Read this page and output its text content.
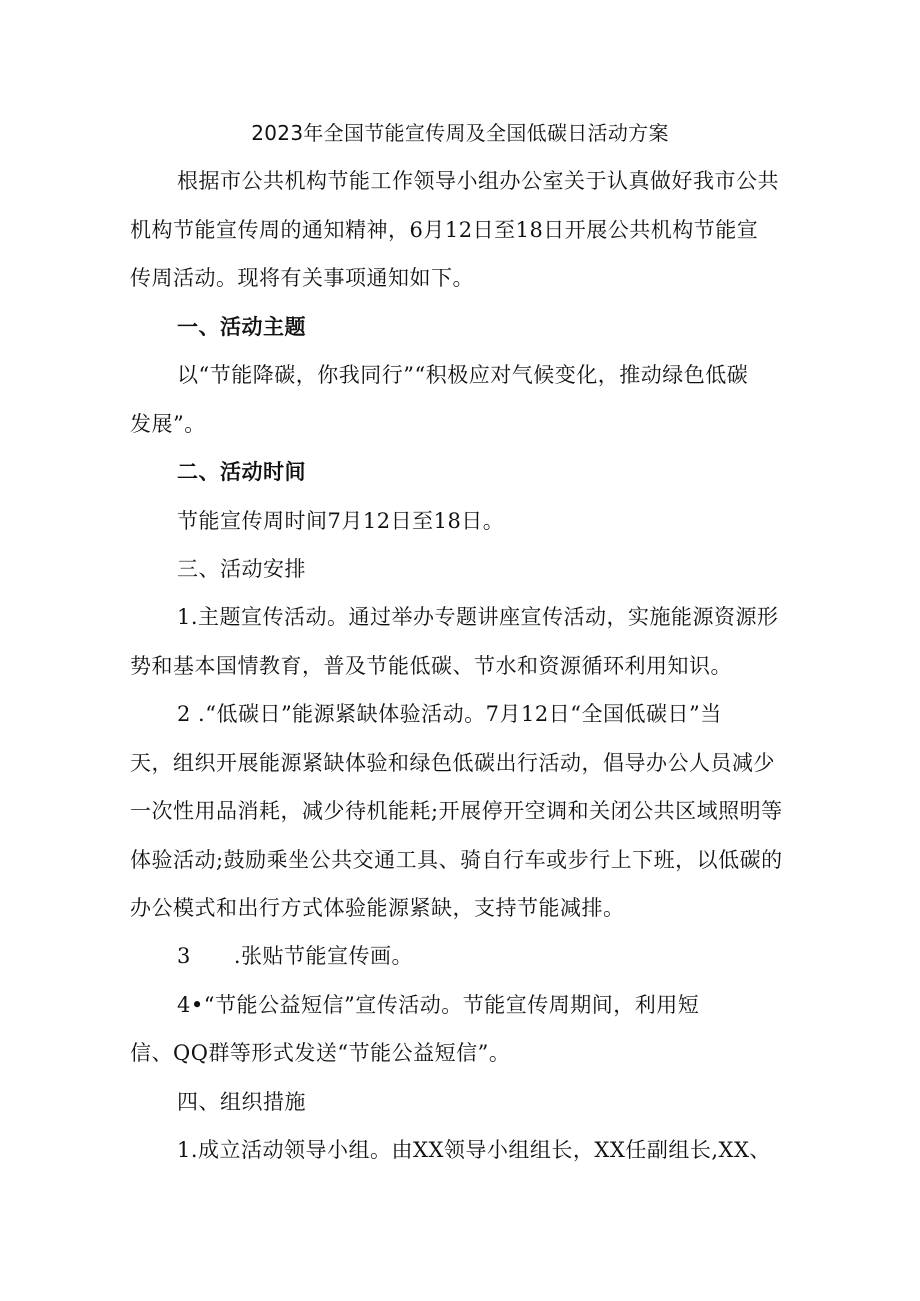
2023年全国节能宣传周及全国低碳日活动方案
根据市公共机构节能工作领导小组办公室关于认真做好我市公共
机构节能宣传周的通知精神，6月12日至18日开展公共机构节能宣
传周活动。现将有关事项通知如下。
一、活动主题
以“节能降碳，你我同行”“积极应对气候变化，推动绿色低碳
发展”。
二、活动时间
节能宣传周时间7月12日至18日。
三、活动安排
1.主题宣传活动。通过举办专题讲座宣传活动，实施能源资源形
势和基本国情教育，普及节能低碳、节水和资源循环利用知识。
2 .“低碳日”能源紧缺体验活动。7月12日“全国低碳日”当
天，组织开展能源紧缺体验和绿色低碳出行活动，倡导办公人员减少
一次性用品消耗，减少待机能耗;开展停开空调和关闭公共区域照明等
体验活动;鼓励乘坐公共交通工具、骑自行车或步行上下班，以低碳的
办公模式和出行方式体验能源紧缺，支持节能减排。
3　　.张贴节能宣传画。
4•“节能公益短信”宣传活动。节能宣传周期间，利用短
信、QQ群等形式发送“节能公益短信”。
四、组织措施
1.成立活动领导小组。由XX领导小组组长，XX任副组长,XX、
